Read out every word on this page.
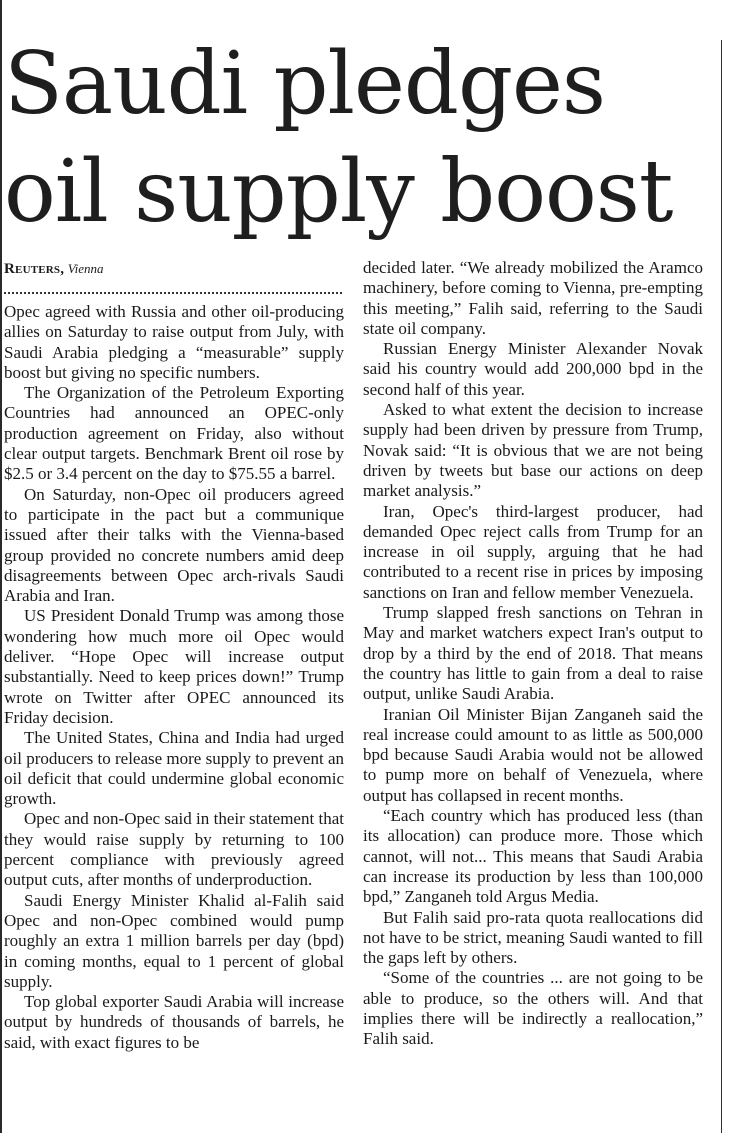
Saudi pledges
oil supply boost
Reuters, Vienna

Opec agreed with Russia and other oil-producing allies on Saturday to raise output from July, with Saudi Arabia pledging a “measurable” supply boost but giving no specific numbers.

The Organization of the Petroleum Exporting Countries had announced an OPEC-only production agreement on Friday, also without clear output targets. Benchmark Brent oil rose by $2.5 or 3.4 percent on the day to $75.55 a barrel.

On Saturday, non-Opec oil producers agreed to participate in the pact but a communique issued after their talks with the Vienna-based group provided no concrete numbers amid deep disagreements between Opec arch-rivals Saudi Arabia and Iran.

US President Donald Trump was among those wondering how much more oil Opec would deliver. “Hope Opec will increase output substantially. Need to keep prices down!” Trump wrote on Twitter after OPEC announced its Friday decision.

The United States, China and India had urged oil producers to release more supply to prevent an oil deficit that could undermine global economic growth.

Opec and non-Opec said in their statement that they would raise supply by returning to 100 percent compliance with previously agreed output cuts, after months of underproduction.

Saudi Energy Minister Khalid al-Falih said Opec and non-Opec combined would pump roughly an extra 1 million barrels per day (bpd) in coming months, equal to 1 percent of global supply.

Top global exporter Saudi Arabia will increase output by hundreds of thousands of barrels, he said, with exact figures to be

decided later. “We already mobilized the Aramco machinery, before coming to Vienna, pre-empting this meeting,” Falih said, referring to the Saudi state oil company.

Russian Energy Minister Alexander Novak said his country would add 200,000 bpd in the second half of this year.

Asked to what extent the decision to increase supply had been driven by pressure from Trump, Novak said: “It is obvious that we are not being driven by tweets but base our actions on deep market analysis.”

Iran, Opec's third-largest producer, had demanded Opec reject calls from Trump for an increase in oil supply, arguing that he had contributed to a recent rise in prices by imposing sanctions on Iran and fellow member Venezuela.

Trump slapped fresh sanctions on Tehran in May and market watchers expect Iran's output to drop by a third by the end of 2018. That means the country has little to gain from a deal to raise output, unlike Saudi Arabia.

Iranian Oil Minister Bijan Zanganeh said the real increase could amount to as little as 500,000 bpd because Saudi Arabia would not be allowed to pump more on behalf of Venezuela, where output has collapsed in recent months.

“Each country which has produced less (than its allocation) can produce more. Those which cannot, will not... This means that Saudi Arabia can increase its production by less than 100,000 bpd,” Zanganeh told Argus Media.

But Falih said pro-rata quota reallocations did not have to be strict, meaning Saudi wanted to fill the gaps left by others.

“Some of the countries ... are not going to be able to produce, so the others will. And that implies there will be indirectly a reallocation,” Falih said.
